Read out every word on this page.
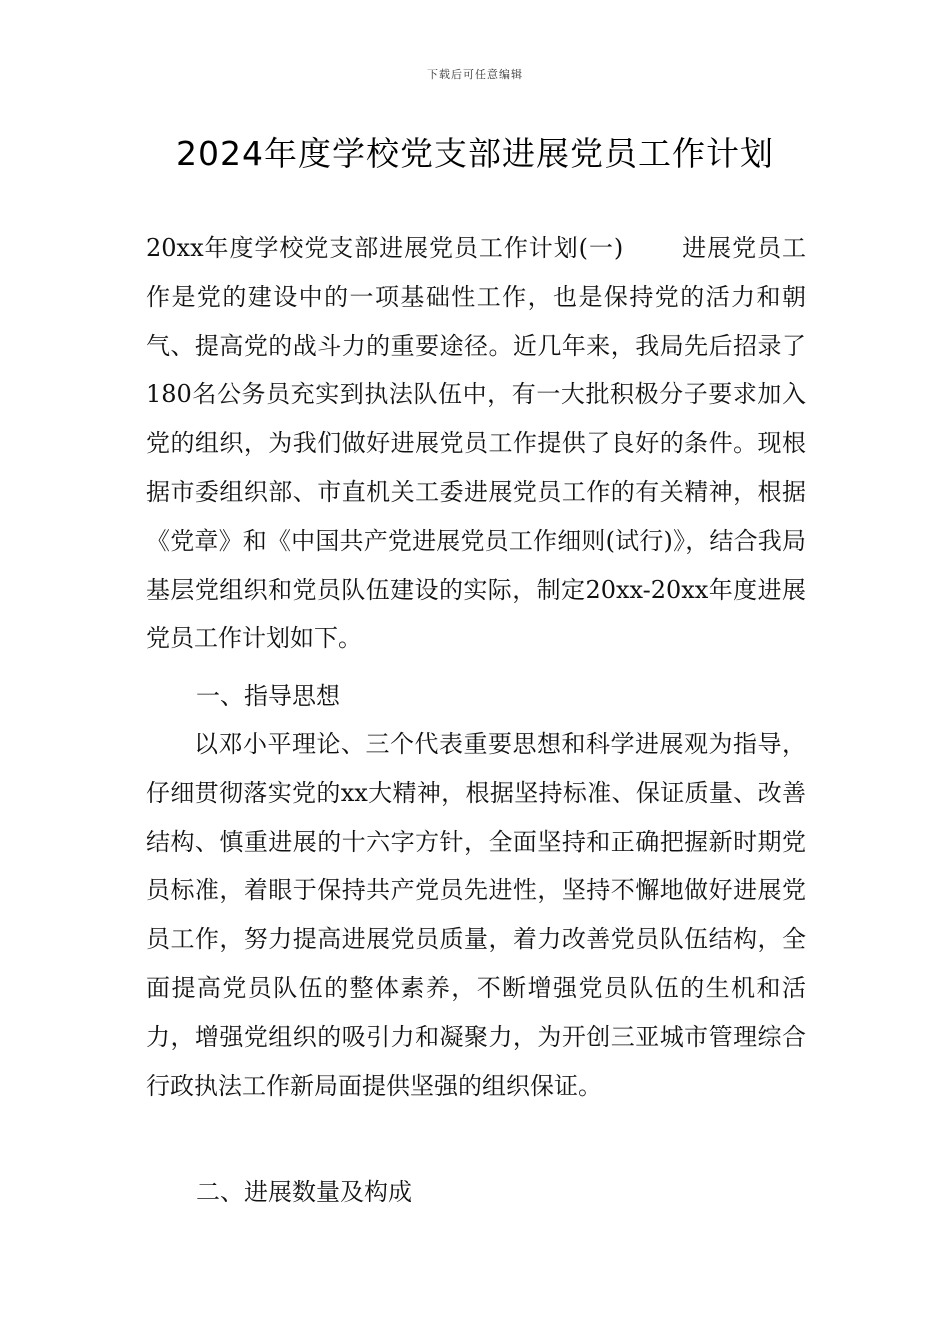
下载后可任意编辑
2024年度学校党支部进展党员工作计划

20xx年度学校党支部进展党员工作计划(一) 进展党员工作是党的建设中的一项基础性工作，也是保持党的活力和朝气、提高党的战斗力的重要途径。近几年来，我局先后招录了180名公务员充实到执法队伍中，有一大批积极分子要求加入党的组织，为我们做好进展党员工作提供了良好的条件。现根据市委组织部、市直机关工委进展党员工作的有关精神，根据《党章》和《中国共产党进展党员工作细则(试行)》，结合我局基层党组织和党员队伍建设的实际，制定20xx-20xx年度进展党员工作计划如下。

一、指导思想

以邓小平理论、三个代表重要思想和科学进展观为指导，仔细贯彻落实党的xx大精神，根据坚持标准、保证质量、改善结构、慎重进展的十六字方针，全面坚持和正确把握新时期党员标准，着眼于保持共产党员先进性，坚持不懈地做好进展党员工作，努力提高进展党员质量，着力改善党员队伍结构，全面提高党员队伍的整体素养，不断增强党员队伍的生机和活力，增强党组织的吸引力和凝聚力，为开创三亚城市管理综合行政执法工作新局面提供坚强的组织保证。

二、进展数量及构成
